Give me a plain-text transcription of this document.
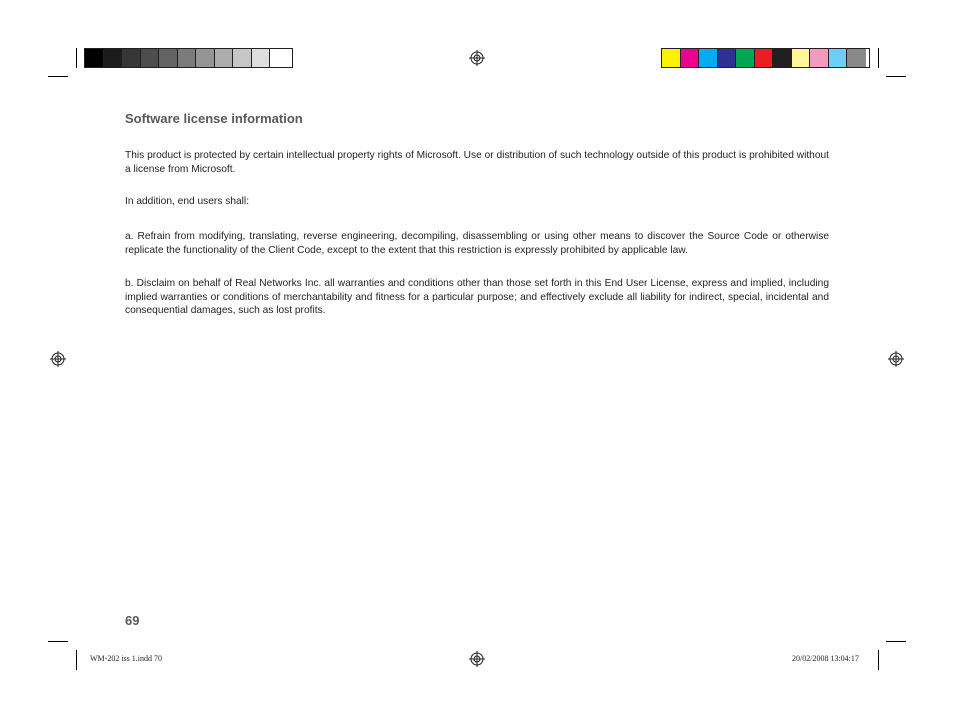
Software license information

This product is protected by certain intellectual property rights of Microsoft. Use or distribution of such technology outside of this product is prohibited without a license from Microsoft.

In addition, end users shall:

a. Refrain from modifying, translating, reverse engineering, decompiling, disassembling or using other means to discover the Source Code or otherwise replicate the functionality of the Client Code, except to the extent that this restriction is expressly prohibited by applicable law.

b. Disclaim on behalf of Real Networks Inc. all warranties and conditions other than those set forth in this End User License, express and implied, including implied warranties or conditions of merchantability and fitness for a particular purpose; and effectively exclude all liability for indirect, special, incidental and consequential damages, such as lost profits.

69
WM-202 iss 1.indd 70	20/02/2008 13:04:17
